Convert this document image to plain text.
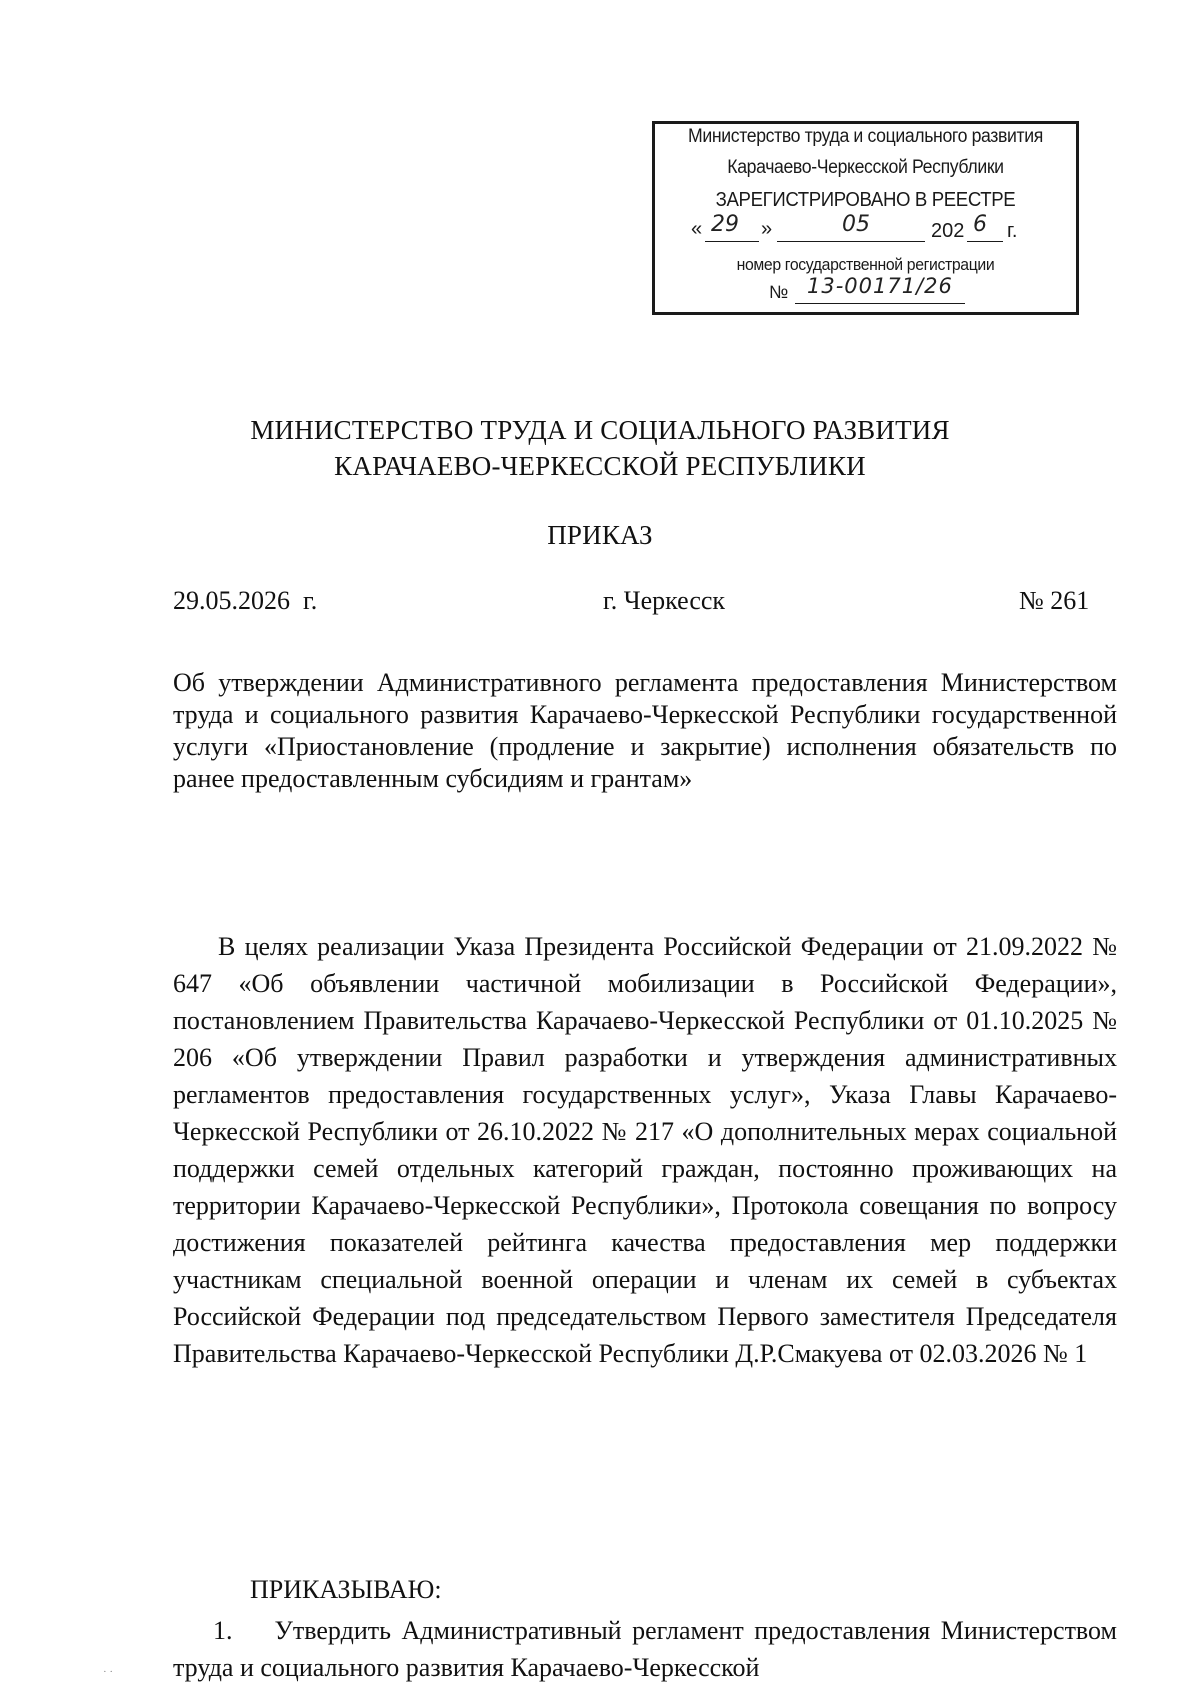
Министерство труда и социального развития
Карачаево-Черкесской Республики
ЗАРЕГИСТРИРОВАНО В РЕЕСТРЕ
« 29 »	05	202 6 г.
номер государственной регистрации
№ 13-00171/26
МИНИСТЕРСТВО ТРУДА И СОЦИАЛЬНОГО РАЗВИТИЯ
КАРАЧАЕВО-ЧЕРКЕССКОЙ РЕСПУБЛИКИ
ПРИКАЗ
29.05.2026  г.	г. Черкесск	№ 261
Об утверждении Административного регламента предоставления Министерством труда и социального развития Карачаево-Черкесской Республики государственной услуги «Приостановление (продление и закрытие) исполнения обязательств по ранее предоставленным субсидиям и грантам»
В целях реализации Указа Президента Российской Федерации от 21.09.2022 № 647 «Об объявлении частичной мобилизации в Российской Федерации», постановлением Правительства Карачаево-Черкесской Республики от 01.10.2025 № 206 «Об утверждении Правил разработки и утверждения административных регламентов предоставления государственных услуг», Указа Главы Карачаево-Черкесской Республики от 26.10.2022 № 217 «О дополнительных мерах социальной поддержки семей отдельных категорий граждан, постоянно проживающих на территории Карачаево-Черкесской Республики», Протокола совещания по вопросу достижения показателей рейтинга качества предоставления мер поддержки участникам специальной военной операции и членам их семей в субъектах Российской Федерации под председательством Первого заместителя Председателя Правительства Карачаево-Черкесской Республики Д.Р.Смакуева от 02.03.2026 № 1
ПРИКАЗЫВАЮ:
1.    Утвердить Административный регламент предоставления Министерством труда и социального развития Карачаево-Черкесской
· ·
